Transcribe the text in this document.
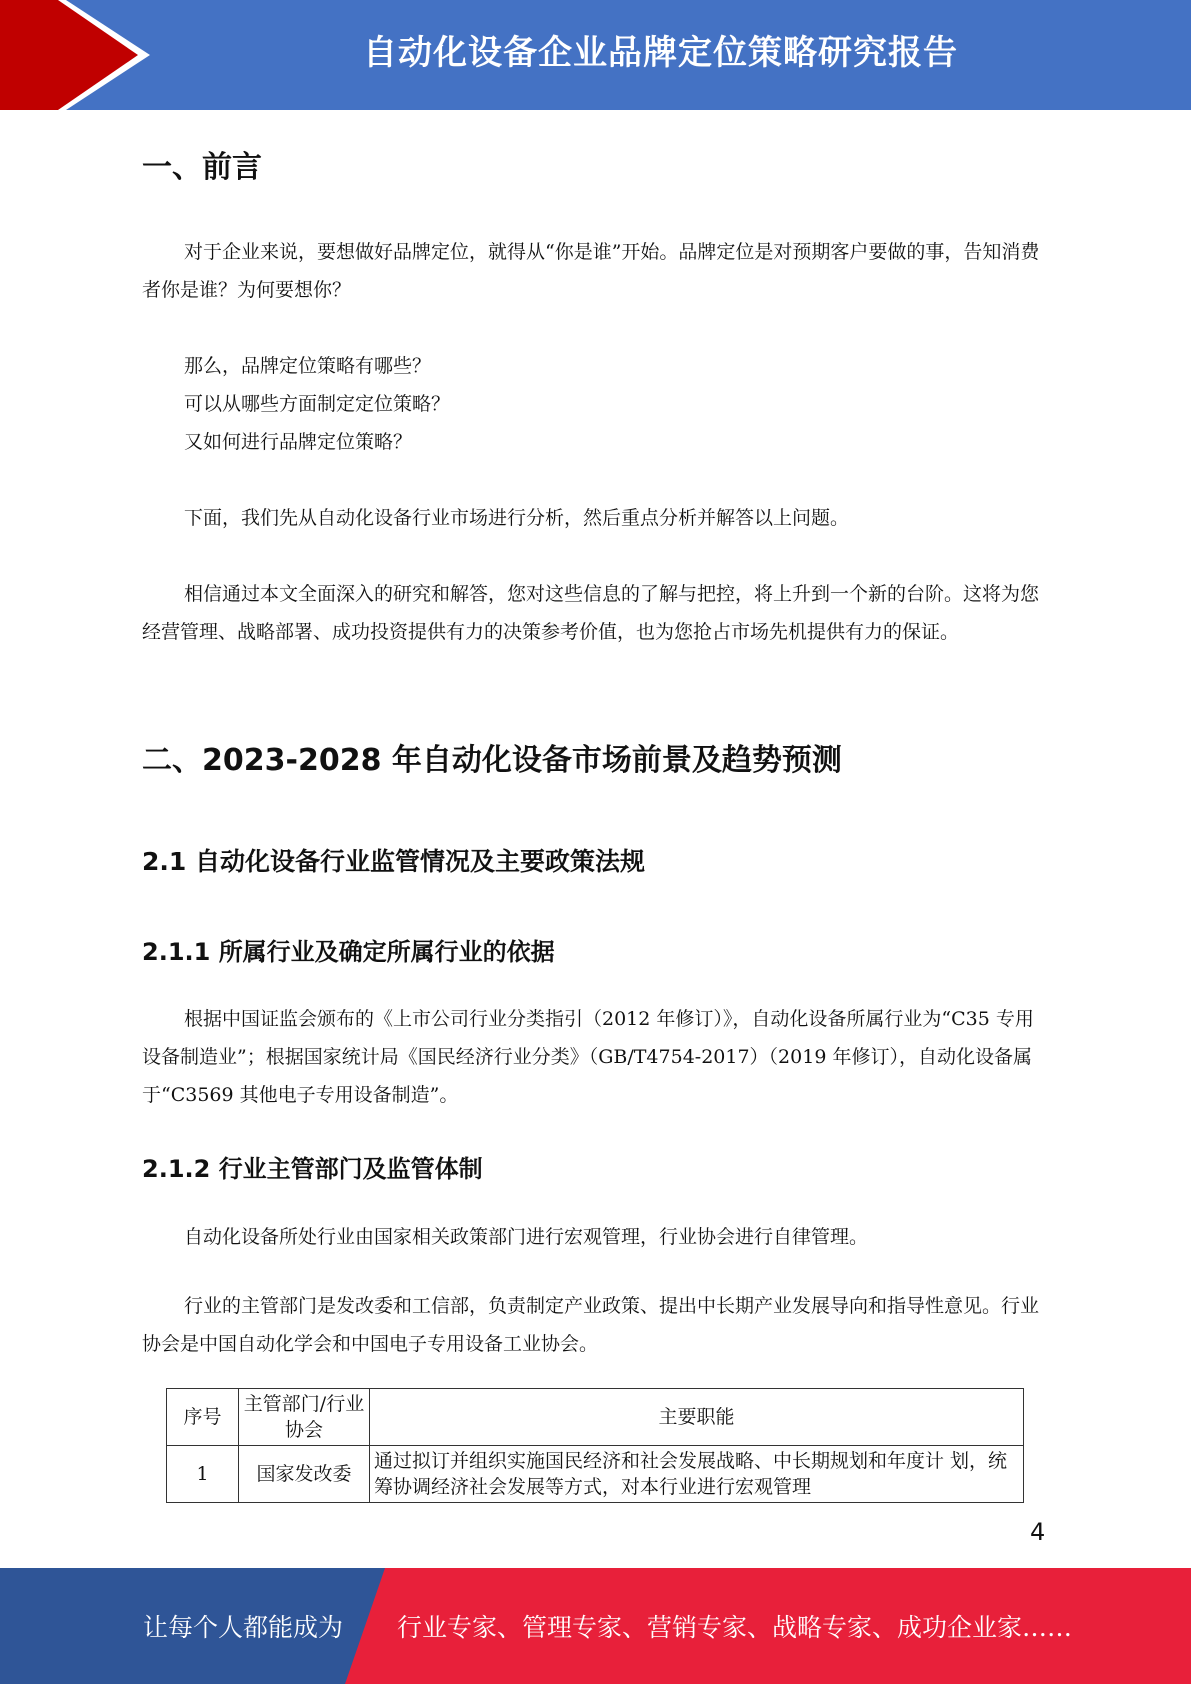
自动化设备企业品牌定位策略研究报告
一、前言

对于企业来说，要想做好品牌定位，就得从“你是谁”开始。品牌定位是对预期客户要做的事，告知消费者你是谁？为何要想你？

那么，品牌定位策略有哪些？

可以从哪些方面制定定位策略？

又如何进行品牌定位策略？

下面，我们先从自动化设备行业市场进行分析，然后重点分析并解答以上问题。

相信通过本文全面深入的研究和解答，您对这些信息的了解与把控，将上升到一个新的台阶。这将为您经营管理、战略部署、成功投资提供有力的决策参考价值，也为您抢占市场先机提供有力的保证。

二、2023-2028 年自动化设备市场前景及趋势预测
2.1 自动化设备行业监管情况及主要政策法规
2.1.1 所属行业及确定所属行业的依据

根据中国证监会颁布的《上市公司行业分类指引（2012 年修订）》，自动化设备所属行业为“C35 专用设备制造业”；根据国家统计局《国民经济行业分类》（GB/T4754-2017）（2019 年修订），自动化设备属于“C3569 其他电子专用设备制造”。

2.1.2 行业主管部门及监管体制

自动化设备所处行业由国家相关政策部门进行宏观管理，行业协会进行自律管理。

行业的主管部门是发改委和工信部，负责制定产业政策、提出中长期产业发展导向和指导性意见。行业协会是中国自动化学会和中国电子专用设备工业协会。

序号	主管部门/行业协会	主要职能
1	国家发改委	通过拟订并组织实施国民经济和社会发展战略、中长期规划和年度计 划，统筹协调经济社会发展等方式，对本行业进行宏观管理
4
让每个人都能成为 行业专家、管理专家、营销专家、战略专家、成功企业家……
